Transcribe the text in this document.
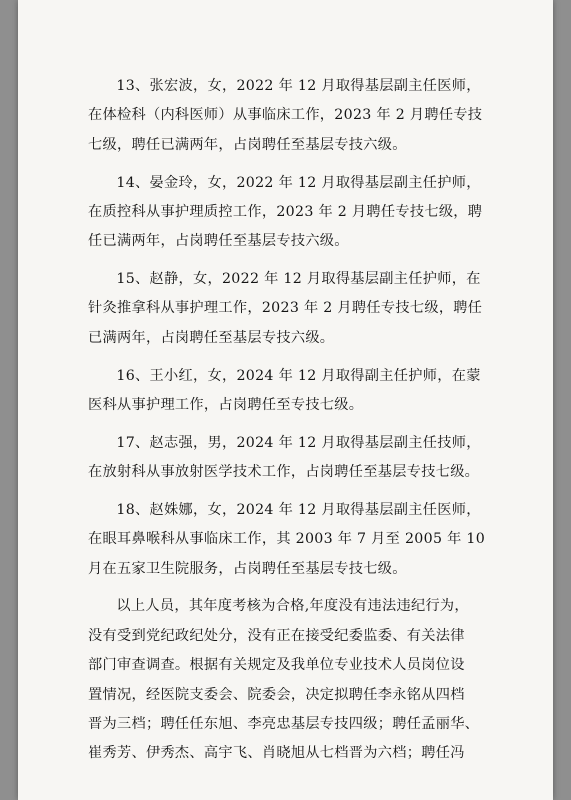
13、张宏波，女，2022 年 12 月取得基层副主任医师，
在体检科（内科医师）从事临床工作，2023 年 2 月聘任专技
七级，聘任已满两年，占岗聘任至基层专技六级。

14、晏金玲，女，2022 年 12 月取得基层副主任护师，
在质控科从事护理质控工作，2023 年 2 月聘任专技七级，聘
任已满两年，占岗聘任至基层专技六级。

15、赵静，女，2022 年 12 月取得基层副主任护师，在
针灸推拿科从事护理工作，2023 年 2 月聘任专技七级，聘任
已满两年，占岗聘任至基层专技六级。

16、王小红，女，2024 年 12 月取得副主任护师，在蒙
医科从事护理工作，占岗聘任至专技七级。

17、赵志强，男，2024 年 12 月取得基层副主任技师，
在放射科从事放射医学技术工作，占岗聘任至基层专技七级。

18、赵姝娜，女，2024 年 12 月取得基层副主任医师，
在眼耳鼻喉科从事临床工作，其 2003 年 7 月至 2005 年 10
月在五家卫生院服务，占岗聘任至基层专技七级。

以上人员，其年度考核为合格,年度没有违法违纪行为，
没有受到党纪政纪处分，没有正在接受纪委监委、有关法律
部门审查调查。根据有关规定及我单位专业技术人员岗位设
置情况，经医院支委会、院委会，决定拟聘任李永铭从四档
晋为三档；聘任任东旭、李亮忠基层专技四级；聘任孟丽华、
崔秀芳、伊秀杰、高宇飞、肖晓旭从七档晋为六档；聘任冯
